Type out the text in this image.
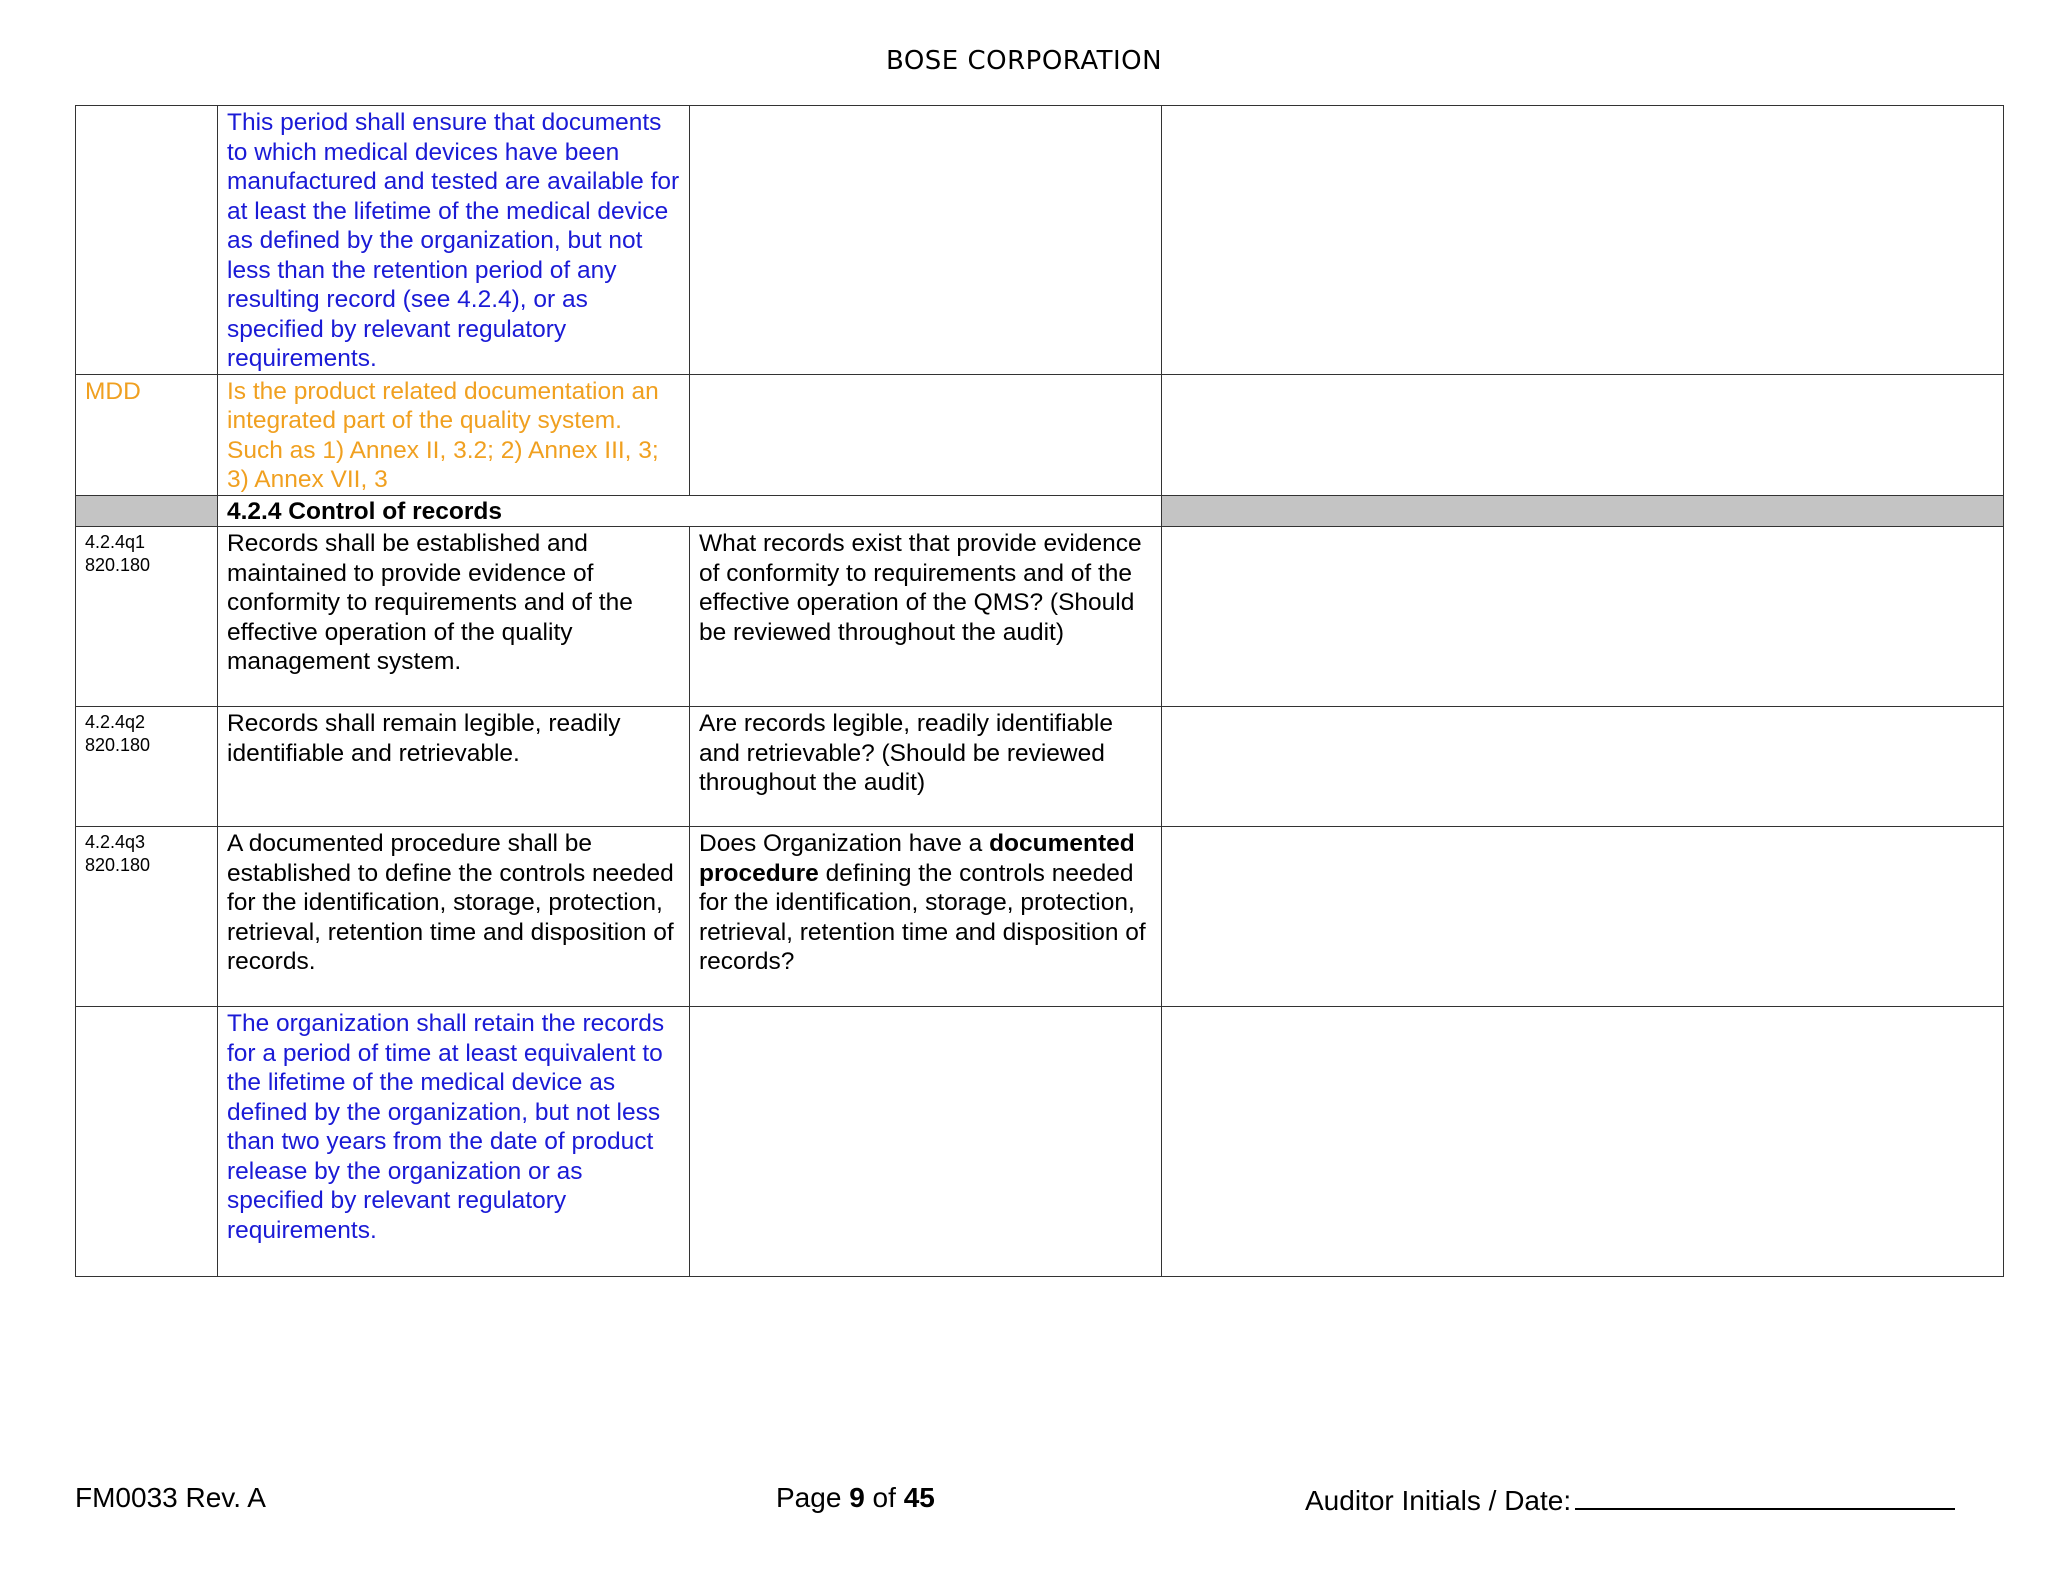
BOSE CORPORATION

	This period shall ensure that documents to which medical devices have been manufactured and tested are available for at least the lifetime of the medical device as defined by the organization, but not less than the retention period of any resulting record (see 4.2.4), or as specified by relevant regulatory requirements.		

MDD	Is the product related documentation an integrated part of the quality system. Such as 1) Annex II, 3.2; 2) Annex III, 3; 3) Annex VII, 3		

	4.2.4 Control of records		

4.2.4q1
820.180	Records shall be established and maintained to provide evidence of conformity to requirements and of the effective operation of the quality management system.	What records exist that provide evidence of conformity to requirements and of the effective operation of the QMS? (Should be reviewed throughout the audit)	

4.2.4q2
820.180	Records shall remain legible, readily identifiable and retrievable.	Are records legible, readily identifiable and retrievable? (Should be reviewed throughout the audit)	

4.2.4q3
820.180	A documented procedure shall be established to define the controls needed for the identification, storage, protection, retrieval, retention time and disposition of records.	Does Organization have a documented procedure defining the controls needed for the identification, storage, protection, retrieval, retention time and disposition of records?	

	The organization shall retain the records for a period of time at least equivalent to the lifetime of the medical device as defined by the organization, but not less than two years from the date of product release by the organization or as specified by relevant regulatory requirements.		

FM0033 Rev. A	Page 9 of 45	Auditor Initials / Date:
